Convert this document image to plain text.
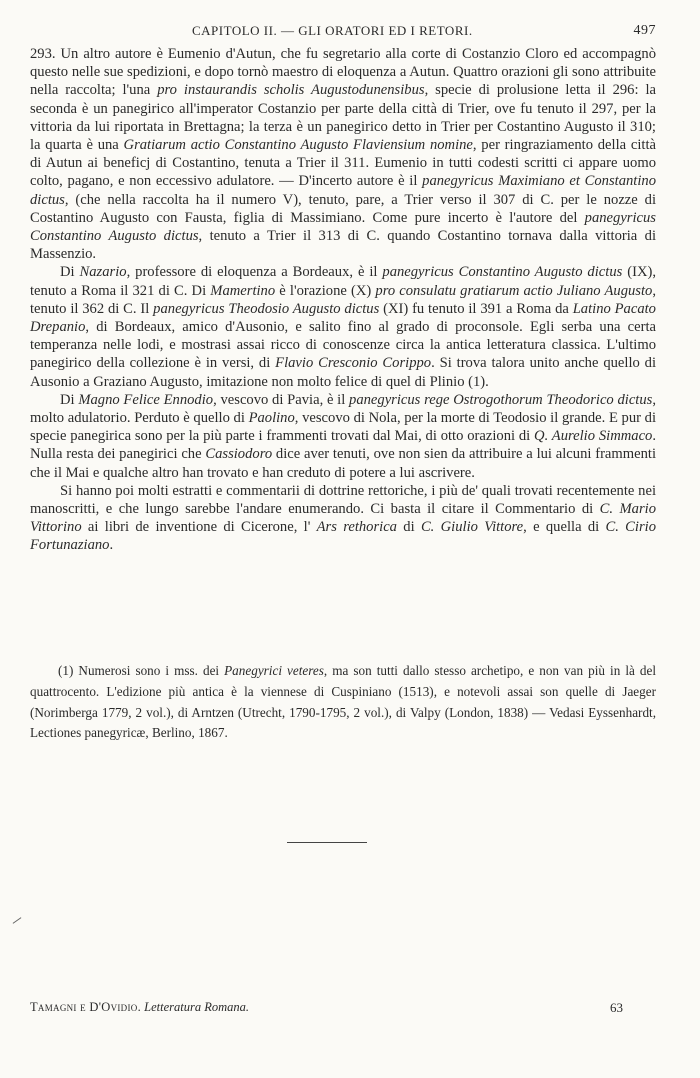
CAPITOLO II. — GLI ORATORI ED I RETORI.	497

293. Un altro autore è Eumenio d'Autun, che fu segretario alla corte di Costanzio Cloro ed accompagnò questo nelle sue spedizioni, e dopo tornò maestro di eloquenza a Autun. Quattro orazioni gli sono attribuite nella raccolta; l'una pro instaurandis scholis Augustodunensibus, specie di prolusione letta il 296: la seconda è un panegirico all'imperator Costanzio per parte della città di Trier, ove fu tenuto il 297, per la vittoria da lui riportata in Brettagna; la terza è un panegirico detto in Trier per Costantino Augusto il 310; la quarta è una Gratiarum actio Constantino Augusto Flaviensium nomine, per ringraziamento della città di Autun ai beneficj di Costantino, tenuta a Trier il 311. Eumenio in tutti codesti scritti ci appare uomo colto, pagano, e non eccessivo adulatore. — D'incerto autore è il panegyricus Maximiano et Constantino dictus, (che nella raccolta ha il numero V), tenuto, pare, a Trier verso il 307 di C. per le nozze di Costantino Augusto con Fausta, figlia di Massimiano. Come pure incerto è l'autore del panegyricus Constantino Augusto dictus, tenuto a Trier il 313 di C. quando Costantino tornava dalla vittoria di Massenzio.

Di Nazario, professore di eloquenza a Bordeaux, è il panegyricus Constantino Augusto dictus (IX), tenuto a Roma il 321 di C. Di Mamertino è l'orazione (X) pro consulatu gratiarum actio Juliano Augusto, tenuto il 362 di C. Il panegyricus Theodosio Augusto dictus (XI) fu tenuto il 391 a Roma da Latino Pacato Drepanio, di Bordeaux, amico d'Ausonio, e salito fino al grado di proconsole. Egli serba una certa temperanza nelle lodi, e mostrasi assai ricco di conoscenze circa la antica letteratura classica. L'ultimo panegirico della collezione è in versi, di Flavio Cresconio Corippo. Si trova talora unito anche quello di Ausonio a Graziano Augusto, imitazione non molto felice di quel di Plinio (1).

Di Magno Felice Ennodio, vescovo di Pavia, è il panegyricus rege Ostrogothorum Theodorico dictus, molto adulatorio. Perduto è quello di Paolino, vescovo di Nola, per la morte di Teodosio il grande. E pur di specie panegirica sono per la più parte i frammenti trovati dal Mai, di otto orazioni di Q. Aurelio Simmaco. Nulla resta dei panegirici che Cassiodoro dice aver tenuti, ove non sien da attribuire a lui alcuni frammenti che il Mai e qualche altro han trovato e han creduto di potere a lui ascrivere.

Si hanno poi molti estratti e commentarii di dottrine rettoriche, i più de' quali trovati recentemente nei manoscritti, e che lungo sarebbe l'andare enumerando. Ci basta il citare il Commentario di C. Mario Vittorino ai libri de inventione di Cicerone, l' Ars rethorica di C. Giulio Vittore, e quella di C. Cirio Fortunaziano.

(1) Numerosi sono i mss. dei Panegyrici veteres, ma son tutti dallo stesso archetipo, e non van più in là del quattrocento. L'edizione più antica è la viennese di Cuspiniano (1513), e notevoli assai son quelle di Jaeger (Norimberga 1779, 2 vol.), di Arntzen (Utrecht, 1790-1795, 2 vol.), di Valpy (London, 1838) — Vedasi Eyssenhardt, Lectiones panegyricæ, Berlino, 1867.

Tamagni e D'Ovidio. Letteratura Romana.	63
